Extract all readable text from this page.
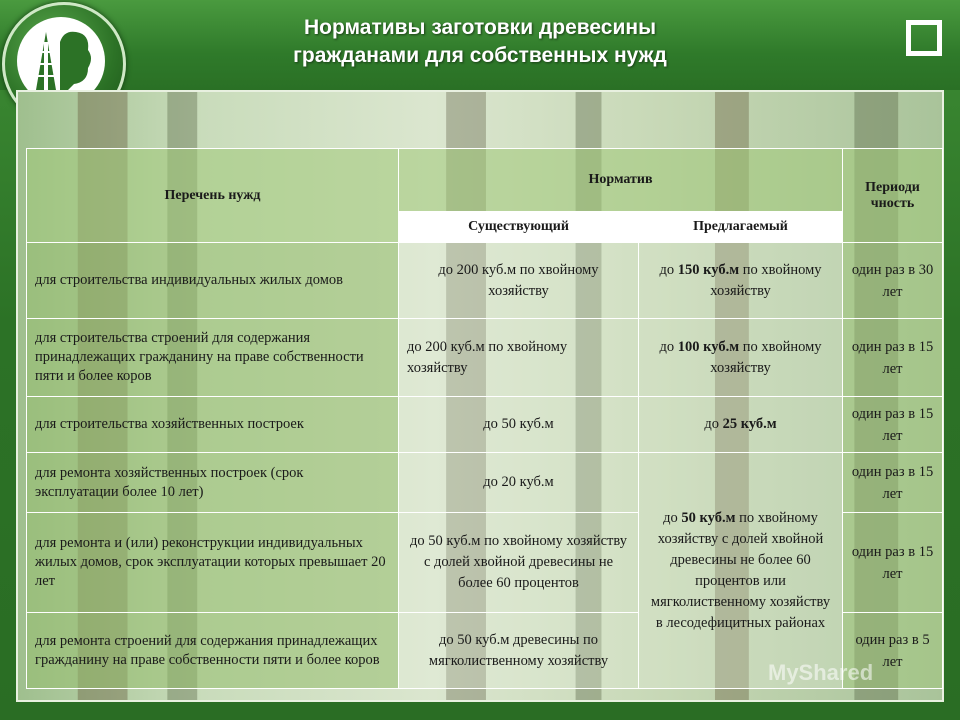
Нормативы заготовки древесины
гражданами для собственных нужд
Перечень нужд	Норматив		Периоди чность
	Существующий	Предлагаемый	
для строительства индивидуальных жилых домов	до 200 куб.м по хвойному хозяйству	до 150 куб.м по хвойному хозяйству	один раз в 30 лет
для строительства строений для содержания принадлежащих гражданину на праве собственности пяти и более коров	до 200 куб.м по хвойному хозяйству	до 100 куб.м по хвойному хозяйству	один раз в 15 лет
для строительства хозяйственных построек	до 50 куб.м	до 25 куб.м	один раз в 15 лет
для ремонта хозяйственных построек (срок эксплуатации более 10 лет)	до 20 куб.м	до 50 куб.м по хвойному хозяйству с долей хвойной древесины не более 60 процентов или мягколиственному хозяйству в лесодефицитных районах	один раз в 15 лет
для ремонта и (или) реконструкции индивидуальных жилых домов, срок эксплуатации которых превышает 20 лет	до 50 куб.м по хвойному хозяйству с долей хвойной древесины не более 60 процентов		один раз в 15 лет
для ремонта строений для содержания принадлежащих гражданину на праве собственности пяти и более коров	до 50 куб.м древесины по мягколиственному хозяйству		один раз в 5 лет
MyShared
